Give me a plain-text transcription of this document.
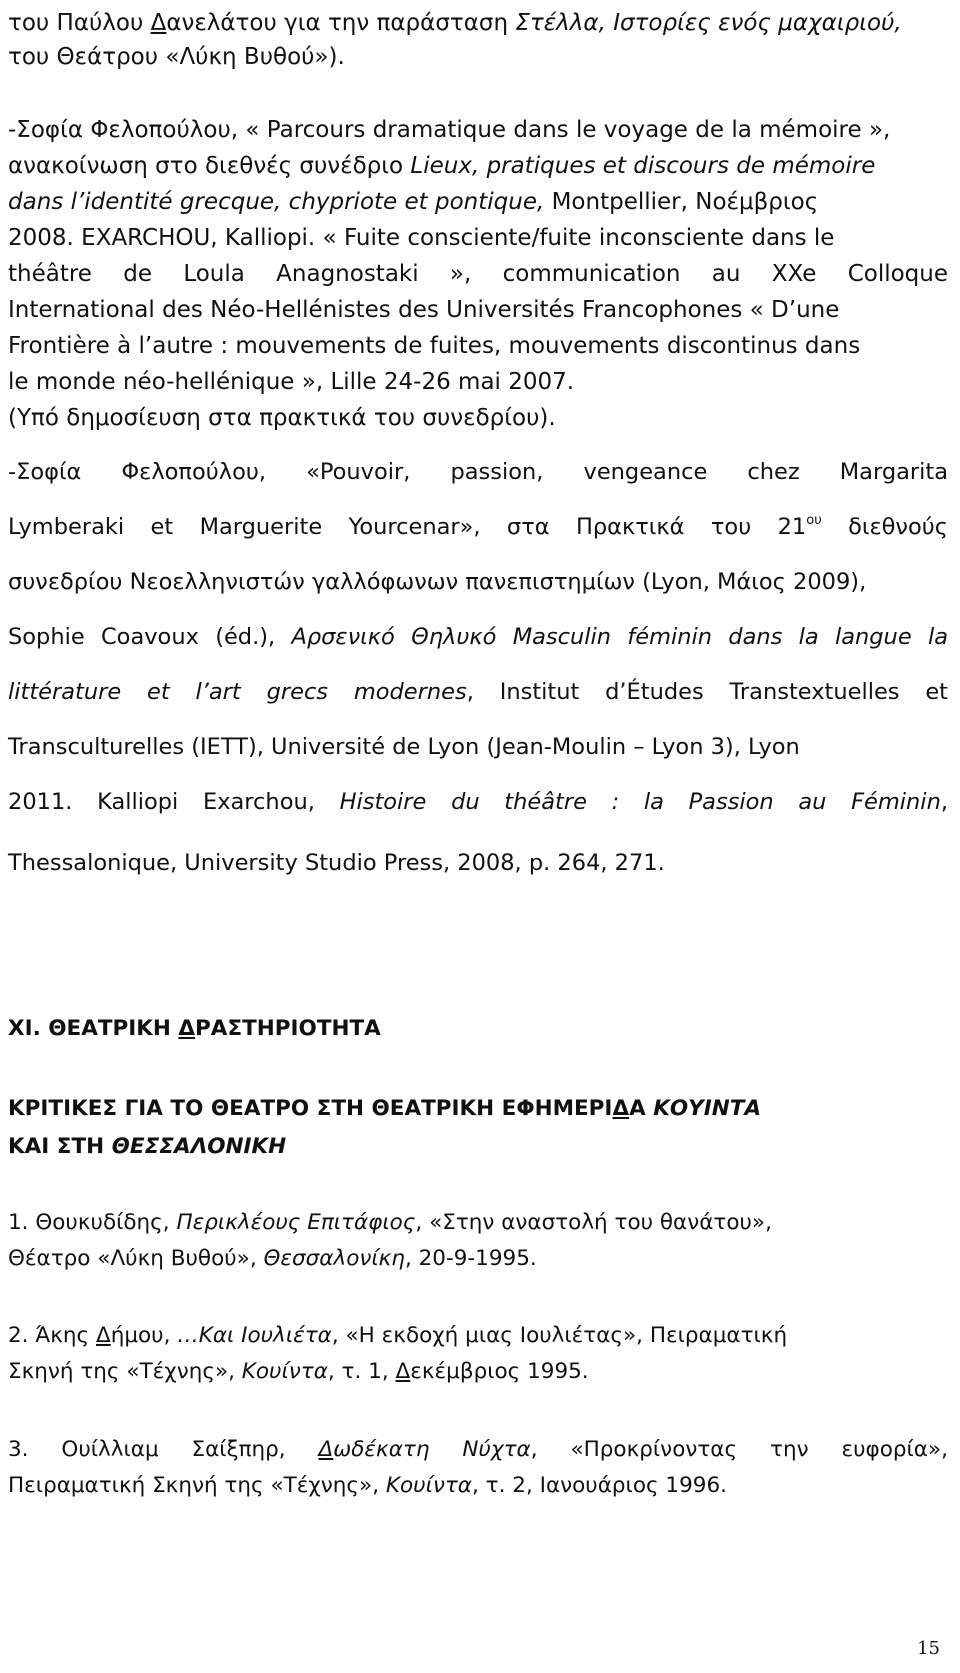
του Παύλου Δανελάτου για την παράσταση Στέλλα, Ιστορίες ενός μαχαιριού,

του Θεάτρου «Λύκη Βυθού»).

-Σοφία Φελοπούλου, « Parcours dramatique dans le voyage de la mémoire »,

ανακοίνωση στο διεθνές συνέδριο Lieux, pratiques et discours de mémoire

dans l’identité grecque, chypriote et pontique, Montpellier, Νοέμβριος

2008. EXARCHOU, Kalliopi. « Fuite consciente/fuite inconsciente dans le

théâtre de Loula Anagnostaki », communication au XXe Colloque

International des Néo-Hellénistes des Universités Francophones « D’une

Frontière à l’autre : mouvements de fuites, mouvements discontinus dans

le monde néo-hellénique », Lille 24-26 mai 2007.

(Υπό δημοσίευση στα πρακτικά του συνεδρίου).

-Σοφία Φελοπούλου, «Pouvoir, passion, vengeance chez Margarita

Lymberaki et Marguerite Yourcenar», στα Πρακτικά του $21^{o\upsilon}$ διεθνούς

συνεδρίου Νεοελληνιστών γαλλόφωνων πανεπιστημίων (Lyon, Μάιος 2009),

Sophie Coavoux (éd.), Αρσενικό Θηλυκό Masculin féminin dans la langue la

littérature et l’art grecs modernes, Institut d’Études Transtextuelles et

Transculturelles (IETT), Université de Lyon (Jean-Moulin – Lyon 3), Lyon

2011. Kalliopi Exarchou, Histoire du théâtre : la Passion au Féminin,

Thessalonique, University Studio Press, 2008, p. 264, 271.

XI. ΘΕΑΤΡΙΚΗ ΔΡΑΣΤΗΡΙΟΤΗΤΑ
ΚΡΙΤΙΚΕΣ ΓΙΑ ΤΟ ΘΕΑΤΡΟ ΣΤΗ ΘΕΑΤΡΙΚΗ ΕΦΗΜΕΡΙΔΑ ΚΟΥΙΝΤΑ
ΚΑΙ ΣΤΗ ΘΕΣΣΑΛΟΝΙΚΗ

1. Θουκυδίδης, Περικλέους Επιτάφιος, «Στην αναστολή του θανάτου»,

Θέατρο «Λύκη Βυθού», Θεσσαλονίκη, 20-9-1995.

2. Άκης Δήμου, …Και Ιουλιέτα, «Η εκδοχή μιας Ιουλιέτας», Πειραματική

Σκηνή της «Τέχνης», Κουίντα, τ. 1, Δεκέμβριος 1995.

3. Ουίλλιαμ Σαίξπηρ, Δωδέκατη Νύχτα, «Προκρίνοντας την ευφορία»,

Πειραματική Σκηνή της «Τέχνης», Κουίντα, τ. 2, Ιανουάριος 1996.

15
